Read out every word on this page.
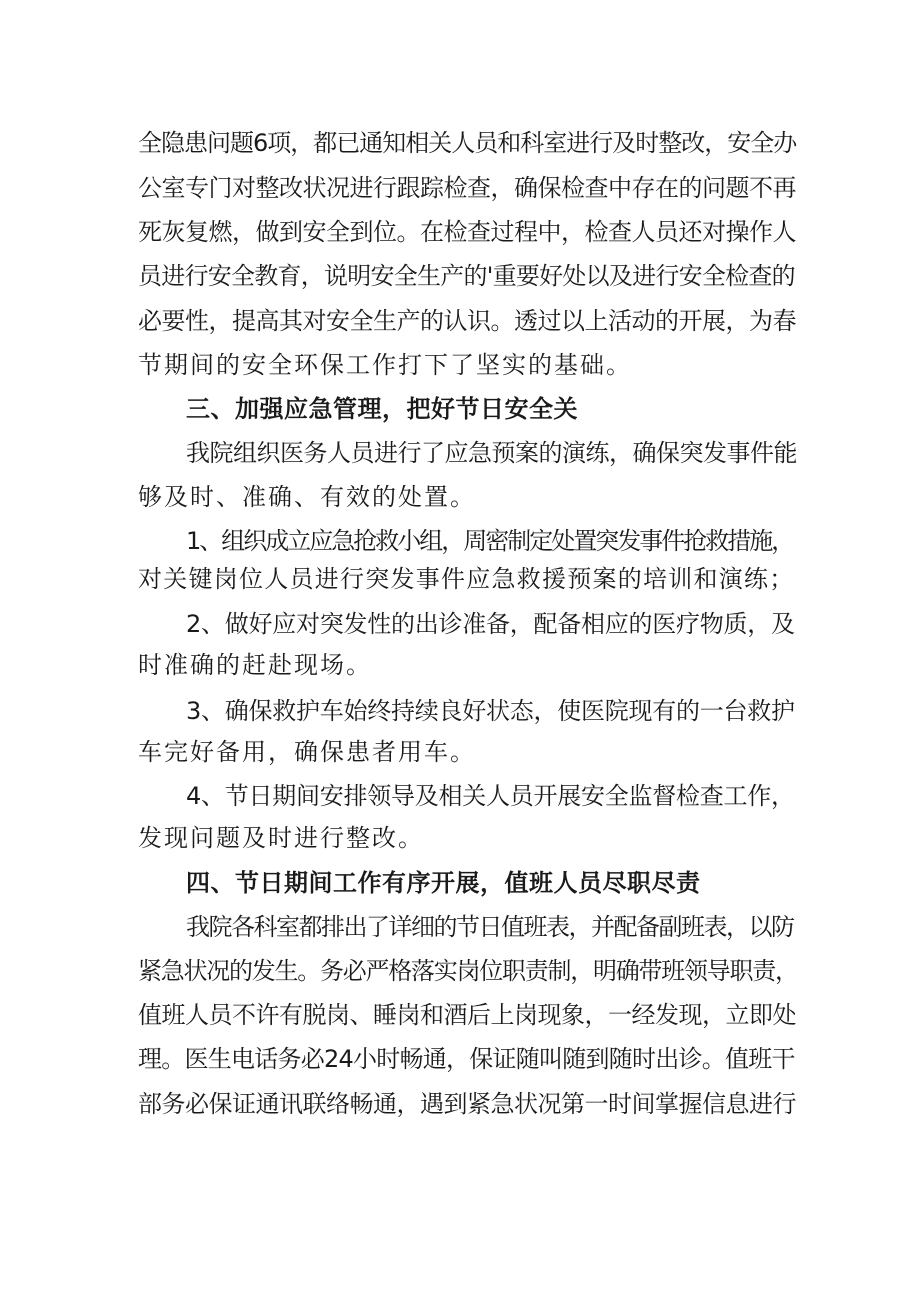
全隐患问题6项，都已通知相关人员和科室进行及时整改，安全办
公室专门对整改状况进行跟踪检查，确保检查中存在的问题不再
死灰复燃，做到安全到位。在检查过程中，检查人员还对操作人
员进行安全教育，说明安全生产的'重要好处以及进行安全检查的
必要性，提高其对安全生产的认识。透过以上活动的开展，为春
节期间的安全环保工作打下了坚实的基础。
三、加强应急管理，把好节日安全关
我院组织医务人员进行了应急预案的演练，确保突发事件能
够及时、准确、有效的处置。
1、组织成立应急抢救小组，周密制定处置突发事件抢救措施，
对关键岗位人员进行突发事件应急救援预案的培训和演练；
2、做好应对突发性的出诊准备，配备相应的医疗物质，及
时准确的赶赴现场。
3、确保救护车始终持续良好状态，使医院现有的一台救护
车完好备用，确保患者用车。
4、节日期间安排领导及相关人员开展安全监督检查工作，
发现问题及时进行整改。
四、节日期间工作有序开展，值班人员尽职尽责
我院各科室都排出了详细的节日值班表，并配备副班表，以防
紧急状况的发生。务必严格落实岗位职责制，明确带班领导职责，
值班人员不许有脱岗、睡岗和酒后上岗现象，一经发现，立即处
理。医生电话务必24小时畅通，保证随叫随到随时出诊。值班干
部务必保证通讯联络畅通，遇到紧急状况第一时间掌握信息进行
